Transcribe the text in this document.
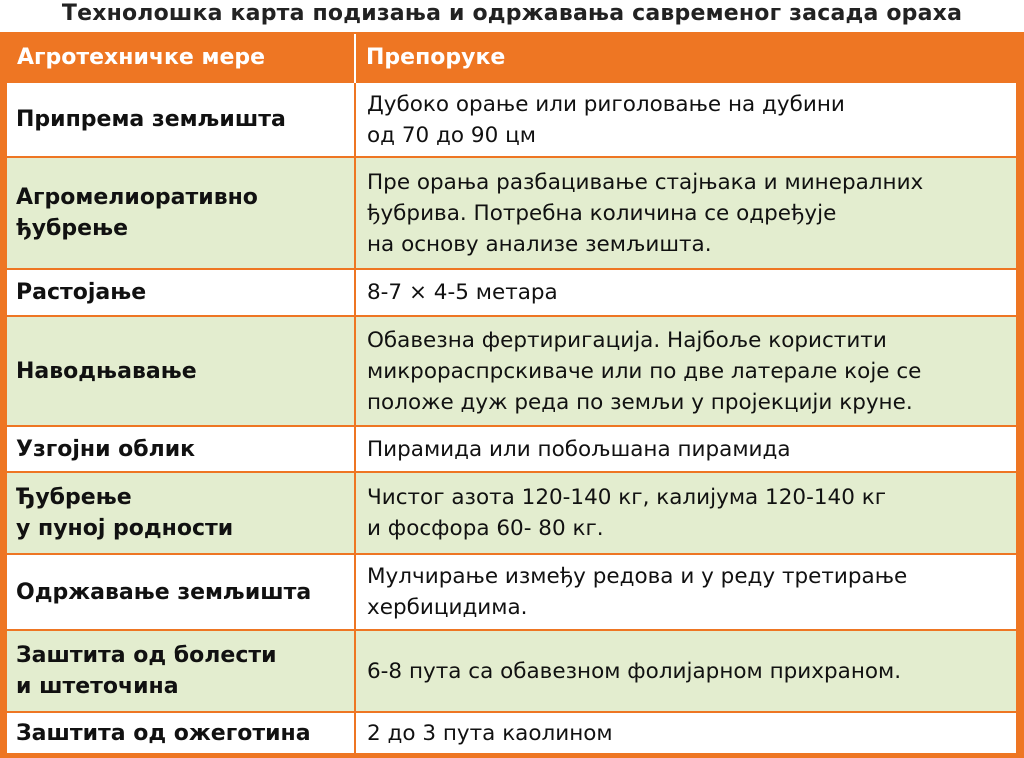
Технолошка карта подизања и одржавања савременог засада ораха
Агротехничке мере	Препоруке
Припрема земљишта	Дубоко орање или риголовање на дубини
од 70 до 90 цм
Агромелиоративно
ђубрење	Пре орања разбацивање стајњака и минералних
ђубрива. Потребна количина се одређује
на основу анализе земљишта.
Растојање	8-7 × 4-5 метара
Наводњавање	Обавезна фертиригација. Најбоље користити
микрораспрскиваче или по две латерале које се
положе дуж реда по земљи у пројекцији круне.
Узгојни облик	Пирамида или побољшана пирамида
Ђубрење
у пуној родности	Чистог азота 120-140 кг, калијума 120-140 кг
и фосфора 60- 80 кг.
Одржавање земљишта	Мулчирање између редова и у реду третирање
хербицидима.
Заштита од болести
и штеточина	6-8 пута са обавезном фолијарном прихраном.
Заштита од ожеготина	2 до 3 пута каолином
